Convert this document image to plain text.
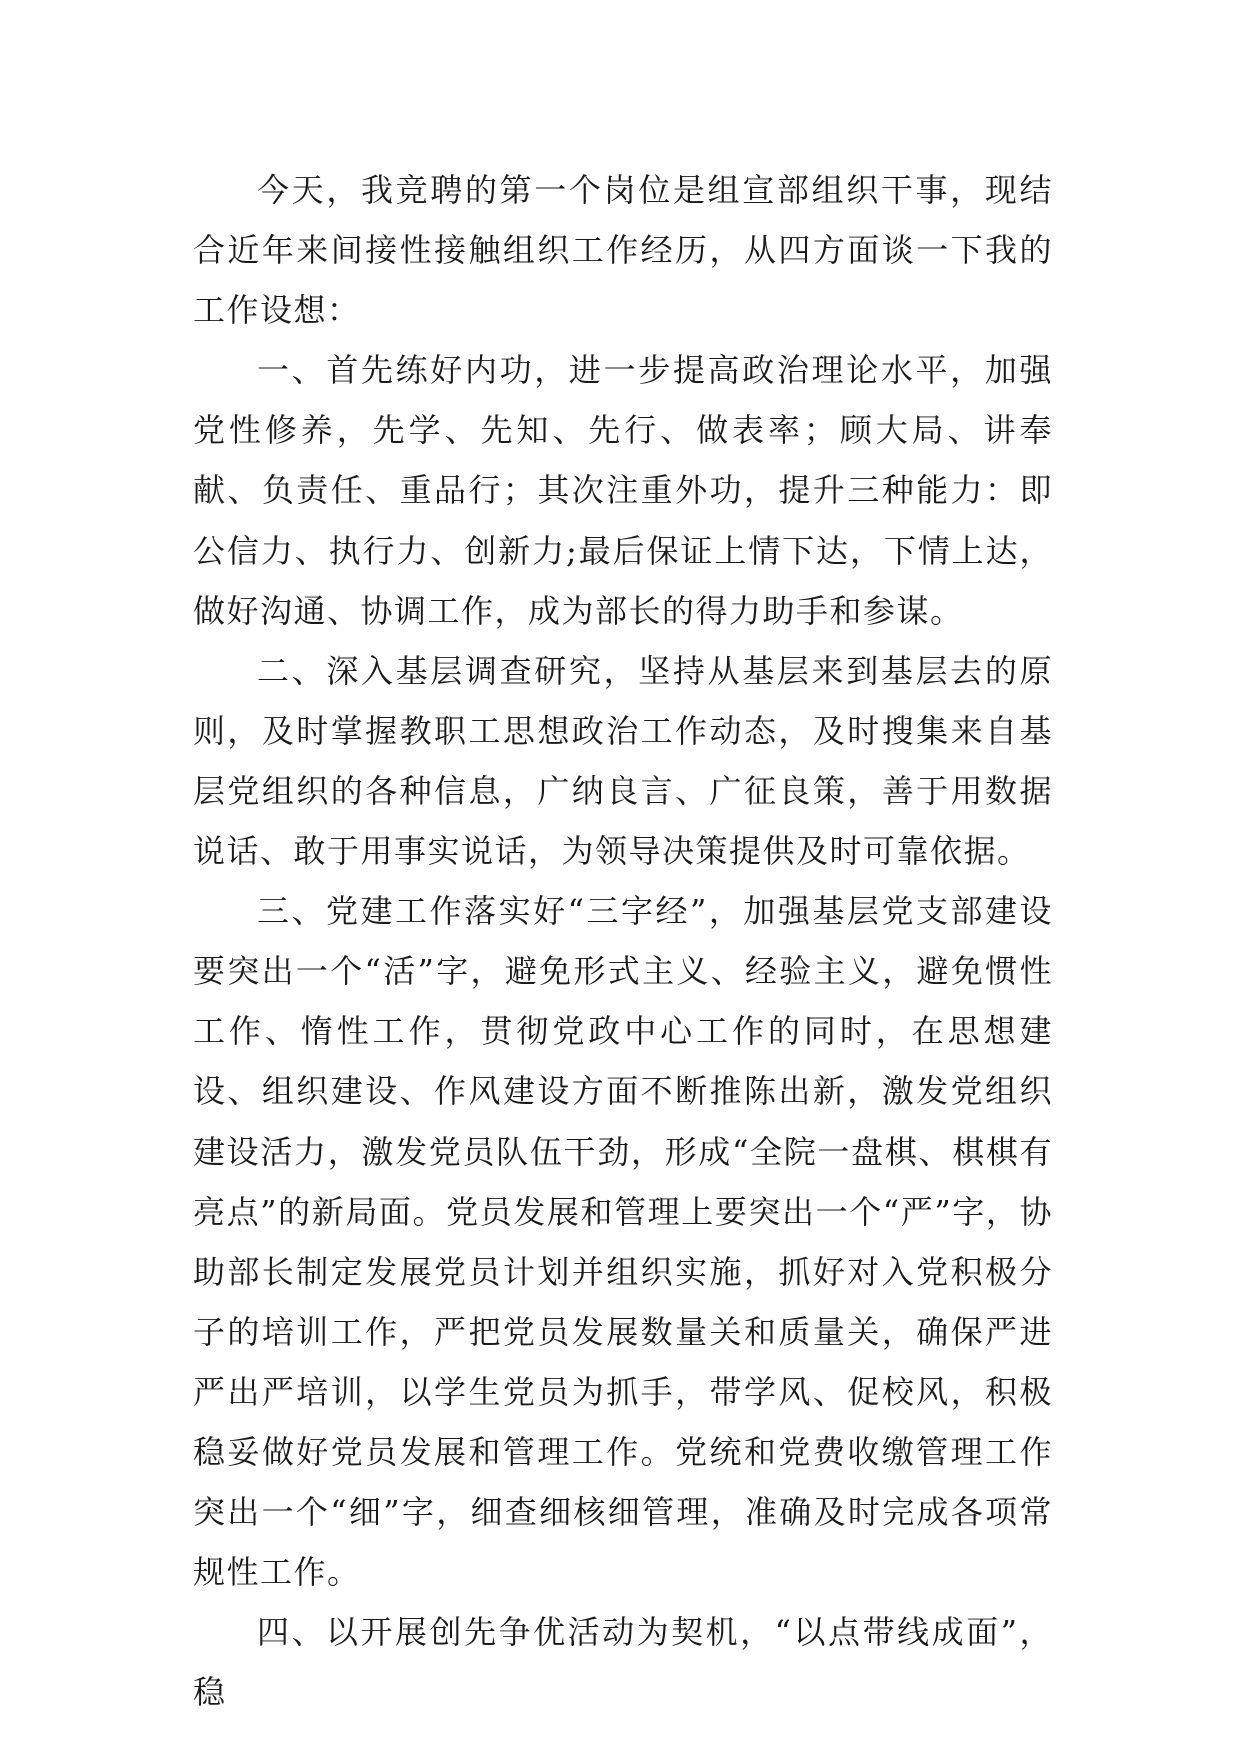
今天，我竞聘的第一个岗位是组宣部组织干事，现结合近年来间接性接触组织工作经历，从四方面谈一下我的工作设想：

一、首先练好内功，进一步提高政治理论水平，加强党性修养，先学、先知、先行、做表率；顾大局、讲奉献、负责任、重品行；其次注重外功，提升三种能力：即公信力、执行力、创新力;最后保证上情下达，下情上达，做好沟通、协调工作，成为部长的得力助手和参谋。

二、深入基层调查研究，坚持从基层来到基层去的原则，及时掌握教职工思想政治工作动态，及时搜集来自基层党组织的各种信息，广纳良言、广征良策，善于用数据说话、敢于用事实说话，为领导决策提供及时可靠依据。

三、党建工作落实好“三字经”，加强基层党支部建设要突出一个“活”字，避免形式主义、经验主义，避免惯性工作、惰性工作，贯彻党政中心工作的同时，在思想建设、组织建设、作风建设方面不断推陈出新，激发党组织建设活力，激发党员队伍干劲，形成“全院一盘棋、棋棋有亮点”的新局面。党员发展和管理上要突出一个“严”字，协助部长制定发展党员计划并组织实施，抓好对入党积极分子的培训工作，严把党员发展数量关和质量关，确保严进严出严培训，以学生党员为抓手，带学风、促校风，积极稳妥做好党员发展和管理工作。党统和党费收缴管理工作突出一个“细”字，细查细核细管理，准确及时完成各项常规性工作。

四、以开展创先争优活动为契机，“以点带线成面”，稳
